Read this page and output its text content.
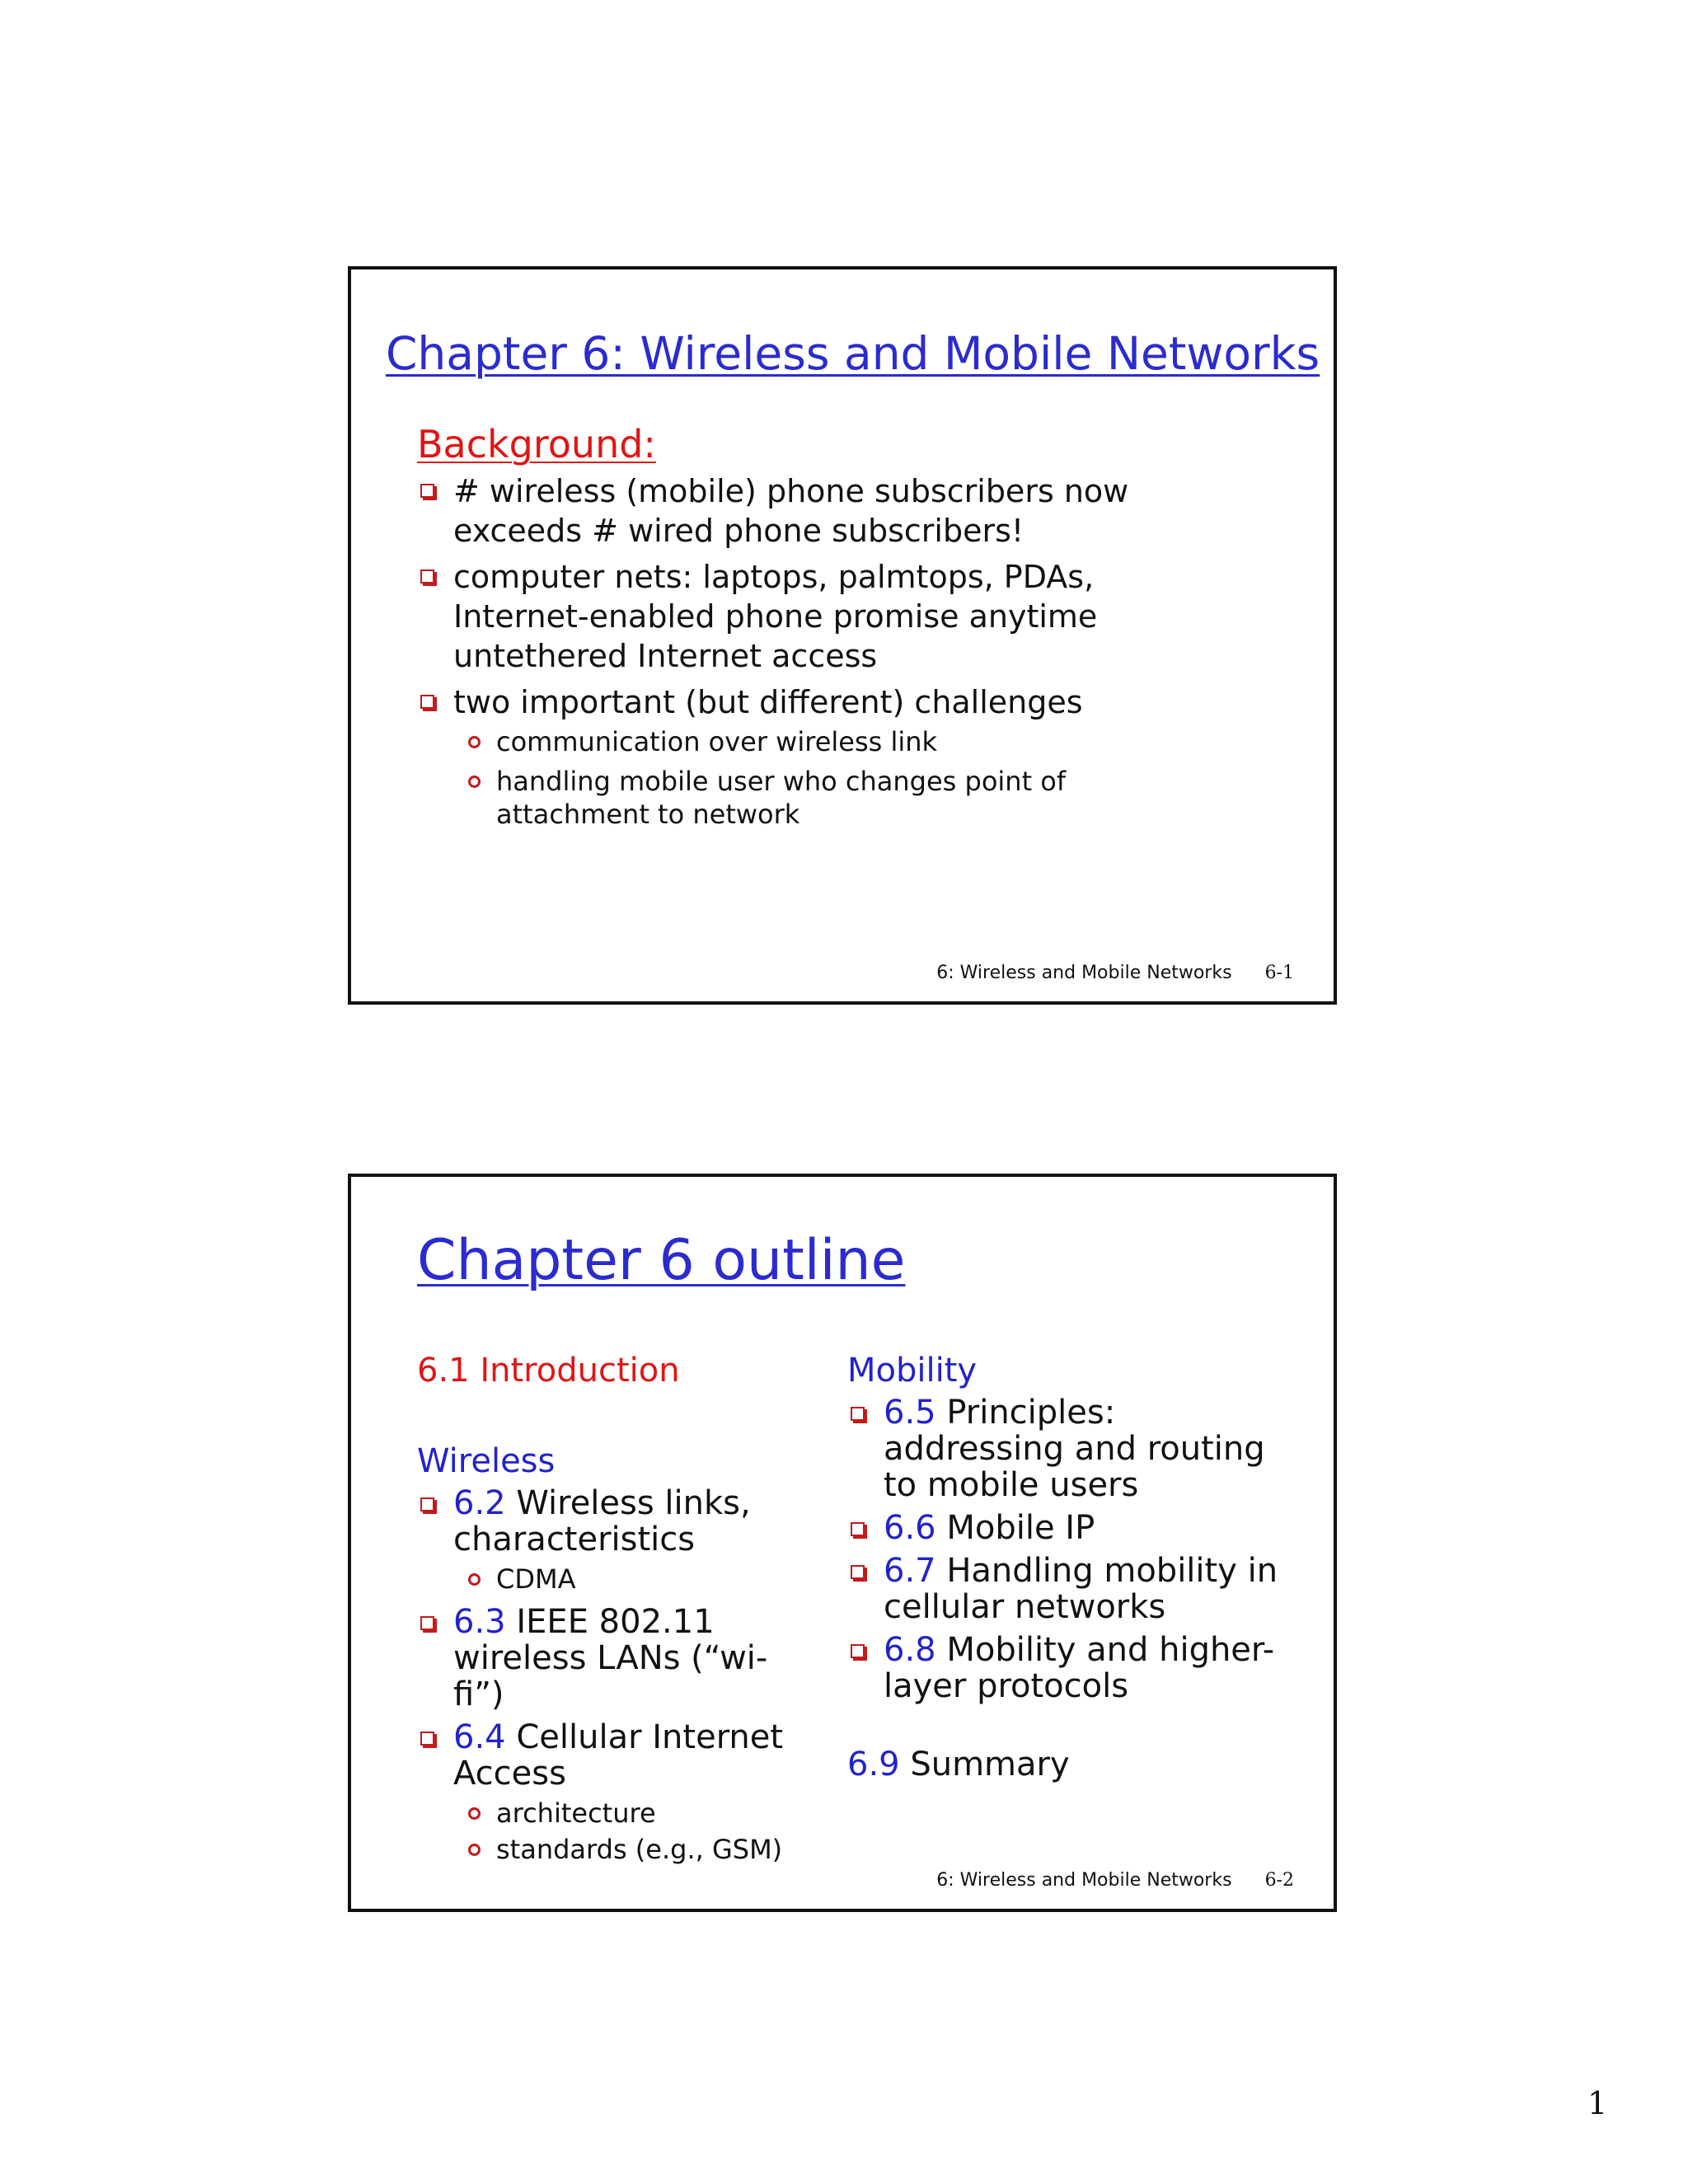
Chapter 6: Wireless and Mobile Networks
Background:
# wireless (mobile) phone subscribers now exceeds # wired phone subscribers!
computer nets: laptops, palmtops, PDAs, Internet-enabled phone promise anytime untethered Internet access
two important (but different) challenges
communication over wireless link
handling mobile user who changes point of attachment to network
6: Wireless and Mobile Networks 6-1
Chapter 6 outline
6.1 Introduction
Wireless
6.2 Wireless links, characteristics
CDMA
6.3 IEEE 802.11 wireless LANs (“wi-fi”)
6.4 Cellular Internet Access
architecture
standards (e.g., GSM)
Mobility
6.5 Principles: addressing and routing to mobile users
6.6 Mobile IP
6.7 Handling mobility in cellular networks
6.8 Mobility and higher-layer protocols
6.9 Summary
6: Wireless and Mobile Networks 6-2
1
